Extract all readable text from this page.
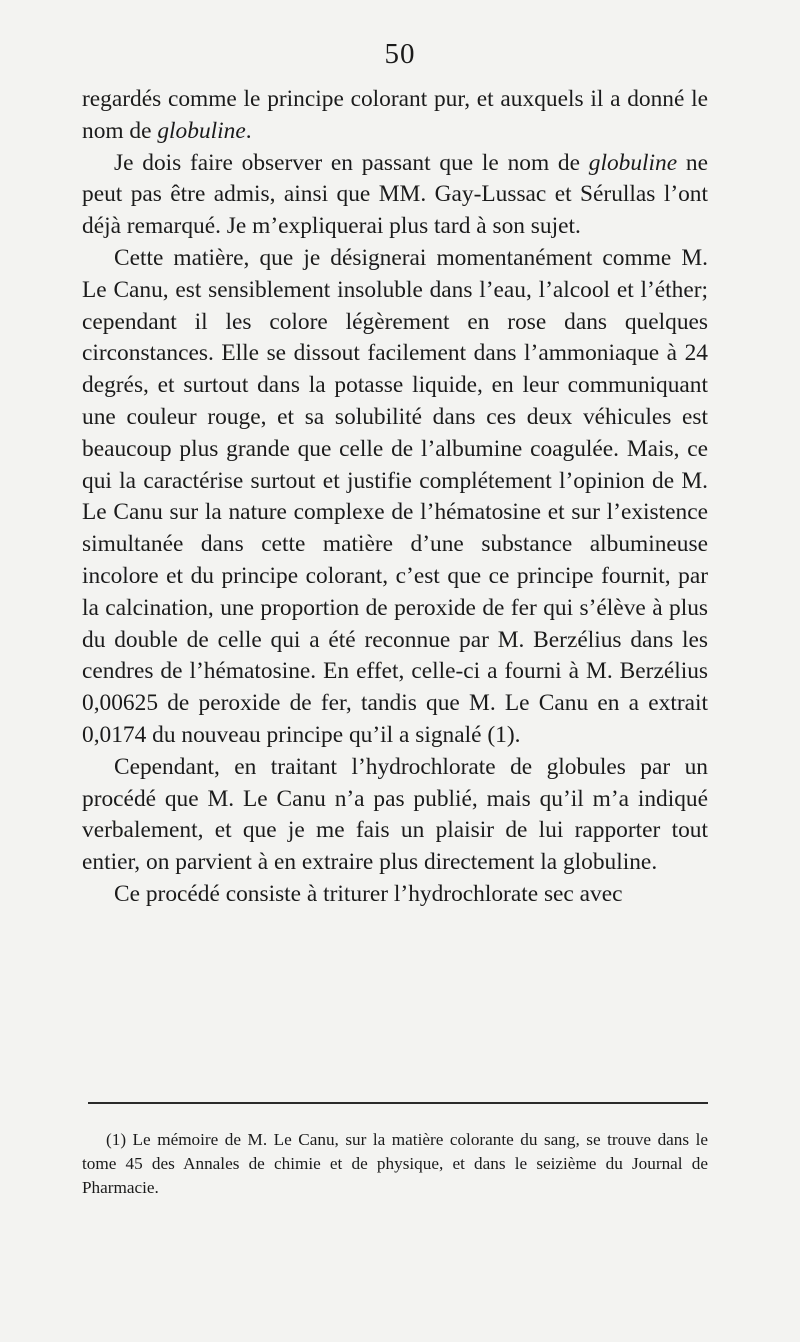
50

regardés comme le principe colorant pur, et auxquels il a donné le nom de globuline.

Je dois faire observer en passant que le nom de globuline ne peut pas être admis, ainsi que MM. Gay-Lussac et Sérullas l’ont déjà remarqué. Je m’expliquerai plus tard à son sujet.

Cette matière, que je désignerai momentanément comme M. Le Canu, est sensiblement insoluble dans l’eau, l’alcool et l’éther; cependant il les colore légèrement en rose dans quelques circonstances. Elle se dissout facilement dans l’ammoniaque à 24 degrés, et surtout dans la potasse liquide, en leur communiquant une couleur rouge, et sa solubilité dans ces deux véhicules est beaucoup plus grande que celle de l’albumine coagulée. Mais, ce qui la caractérise surtout et justifie complétement l’opinion de M. Le Canu sur la nature complexe de l’hématosine et sur l’existence simultanée dans cette matière d’une substance albumineuse incolore et du principe colorant, c’est que ce principe fournit, par la calcination, une proportion de peroxide de fer qui s’élève à plus du double de celle qui a été reconnue par M. Berzélius dans les cendres de l’hématosine. En effet, celle-ci a fourni à M. Berzélius 0,00625 de peroxide de fer, tandis que M. Le Canu en a extrait 0,0174 du nouveau principe qu’il a signalé (1).

Cependant, en traitant l’hydrochlorate de globules par un procédé que M. Le Canu n’a pas publié, mais qu’il m’a indiqué verbalement, et que je me fais un plaisir de lui rapporter tout entier, on parvient à en extraire plus directement la globuline.

Ce procédé consiste à triturer l’hydrochlorate sec avec

(1) Le mémoire de M. Le Canu, sur la matière colorante du sang, se trouve dans le tome 45 des Annales de chimie et de physique, et dans le seizième du Journal de Pharmacie.
